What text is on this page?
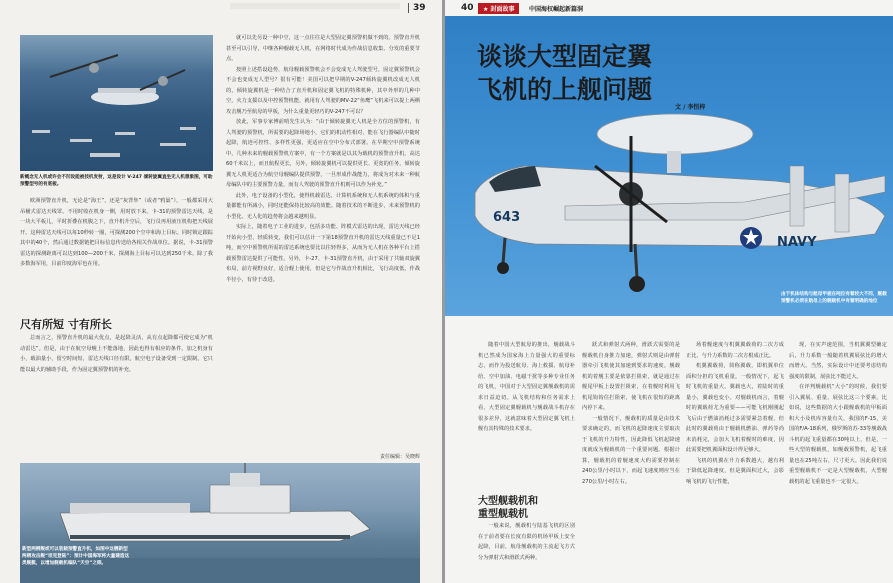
39
新概念无人机或许会不凹设能被技机发射，这是设计 V-247 倾转旋翼直坐无人机想象图，可助预警型号的有底板。

欧洲预警直升机，无论是“海王”，还是“灰背隼”（或者“鸦巢”），一般都采用大吊桶式雷达天线罩。不用时收在机身一侧，用时放下来。卡-31的预警雷达天线，是一块大平板儿，平时折叠在机腹之下，直升机升空后，飞行员再用液压机构把天线展开。这种雷达天线可以每10秒转一圈，可探测200个空中和海上目标。同时锁定跟踪其中的40个，然后通过数据链把目标信息传送给各相关作战单位。据说，卡-31预警雷达的探测距离可以达到100—200千米，探测海上目标可以达到250千米。除了我多数海军用，目前印度海军也在用。

尺有所短 寸有所长

总而言之，预警直升机的最大优点，是起降灵活，从有点起降都可使它成为“机动雷达”。但是，由于在航空母舰上不能落地，因此也得有相应的条件。加之机身有小，载油量小，留空时间短，雷达天线口径有限，航空电子设备受到一定限制。它只能以最大的辅助手段，作为固定翼预警机的补充。

就可以先另设一种中空，这一点往往是大型固定翼预警机做不到的。预警直升机甚至可以引导，中继各种舰载无人机，在网络时代成为作战信息收集、分发的重要节点。

按照上述搭设趋势，航母舰载预警机会不会变成无人驾驶型号，固定翼预警机会不会也变成无人型号？很有可能！美国可以把早期的V-247倾转旋翼机改成无人机的，倾转旋翼机是一种结合了直升机和固定翼飞机的特殊机种，其中外形的几种中空，火力支援以及中控预警机能，就用有人驾驶的MV-22“鱼鹰”飞机来可以提上两栖攻击舰乃至航母的甲板，为什么重量更轻巧的V-247不可以？

放此，军事专家傅前哨先生认为：“由于倾转旋翼无人机是全方位的预警机，有人驾驶的预警机，所需要的起降场地小，它们的机动性相对，能在飞行器编队中随时起降，航迹可控性、多样性更强，更适应在空中分布式部署。在早期空中预警系统中，几种未来的舰载预警机方案中，有一个方案就是以其为载机的预警直升机，高达60千米以上，而且航程更长，另外，倾转旋翼机可以提供更长、更宽的任务，倾转旋翼无人机更适合为航空母舰编队提供预警，一旦形成作战能力，将成为对未来一种航母编队中的主要预警力量，而有人驾驶的预警直升机则可以作为补充。”

此外，电子设备的小型化，使得机载雷达、计算机系统和无人机系统的体积与重量都能有所减小，同时还能保持比较高的效能。随着技术的不断进步，未来预警机的小型化、无人化的趋势将会越来越明显。

实际上，随着电子工业的进步，包括多功能、阵模式雷达的出现，雷达天线已经开始向小型、轻质转变，我们可以估计一下第18预警直升机的雷达天线重量已不足1吨，而空中预警机所需的雷达系统也要比以往轻得多，从而为无人机在各种平台上搭载预警雷达提供了可能性。另外，卡-27、卡-31预警直升机，由于采用了共轴双旋翼布局，前方视野良好，适合舰上使用，但是它与作战直升机相比，飞行高度低，作战半径小，有待于改进。

责任编辑：吴晓辉
新型两栖舰或可以装载预警直升机，如图中这艘新型两栖攻击舰“坦克登陆”：预计中国海军将大量建造这类舰艇，以增加舰载机编队“天空”之眼。
40	★ 封面故事	中国海权崛起新篇洞
643
NAVY
谈谈大型固定翼
飞机的上舰问题
文 / 李恒梓
由于机体结构与航母甲板在吨位有着较大不同，舰载预警机必须在航母上的舰载机中有着明确的地位

随着中国大型航母的推出，舰载战斗机已然成为国家海上力量强大的重要标志，而作为投送航母、海上救援、航母补给、空中加油、电磁干扰等多种专业任务的飞机，中国对于大型固定翼舰载机的需求日益迫切。从飞机结构和任务需求上看，大型固定翼舰载机与舰载战斗机存在很多差异，这就意味着大型固定翼飞机上舰有其特殊的技术要求。

大型舰载机和
重型舰载机

一般来说，舰载机与陆基飞机的区别在于前者要在长度有限的机场甲板上安全起降，目前，航母舰载机的主流起飞方式分为弹射式和滑跃式两种。

跃式和弹射式两种，滑跃式需要的是舰载机自身推力加速，弹射式则是由弹射器牵引飞机使其加速到要求的速度。舰载机的着舰主要是依靠拦阻索，就是通过在舰尾甲板上设置拦阻索，在着舰时利用飞机尾钩钩住拦阻索，使飞机在很短的距离内停下来。

一般情况下，舰载机的质量是由技术要求确定的，而飞机的起降速度主要取决于飞机的升力特性，因此降低飞机起降速度就成为舰载机的一个重要问题。根据计算，舰载机的着舰速度大约需要控制在240公里/小时以下，而起飞速度则应当在270公里/小时左右。

场着舰速度与机翼翼载荷的二次方成正比，与升力系数的二次方根成正比。

机翼翼载荷，简称翼载，即机翼单位面积分担的飞机重量，一般情况下，起飞时飞机的重量大，翼载也大，着陆时的重量小，翼载也变小。对舰载机而言，着舰时的翼载荷尤为重要——可能飞机刚刚起飞后由于燃油消耗过多需要紧急着舰，但此时的翼载荷由于舰载机燃油、弹药等尚未消耗完，会加大飞机着舰时的难度，因此需要把机翼面积设计得足够大。

飞机的机翼在升力系数越大，越有利于降低起降速度，但是翼面积过大，会影响飞机的飞行性能，

现，在实声速范围，当机翼翼型确定后，升力系数一般随着机翼展弦比的增大而增大。当然，实际设计中还要考虑结构强度的限制，展弦比不能过大。

在评判舰载机“大小”的时候，我们要引入翼展、重量、展弦比这三个要素。比如说，这些数据的大小跟舰载机的甲板面积大小及机库容量有关，我国的F-15，美国的F/A-18系列，俄罗斯的苏-33等舰载战斗机的起飞重量都在30吨以上，但是，一些大型的舰载机，如舰载预警机，起飞重量也在25吨左右，尺寸更大。因此我们说重型舰载机不一定是大型舰载机，大型舰载机的起飞重量也不一定很大。
